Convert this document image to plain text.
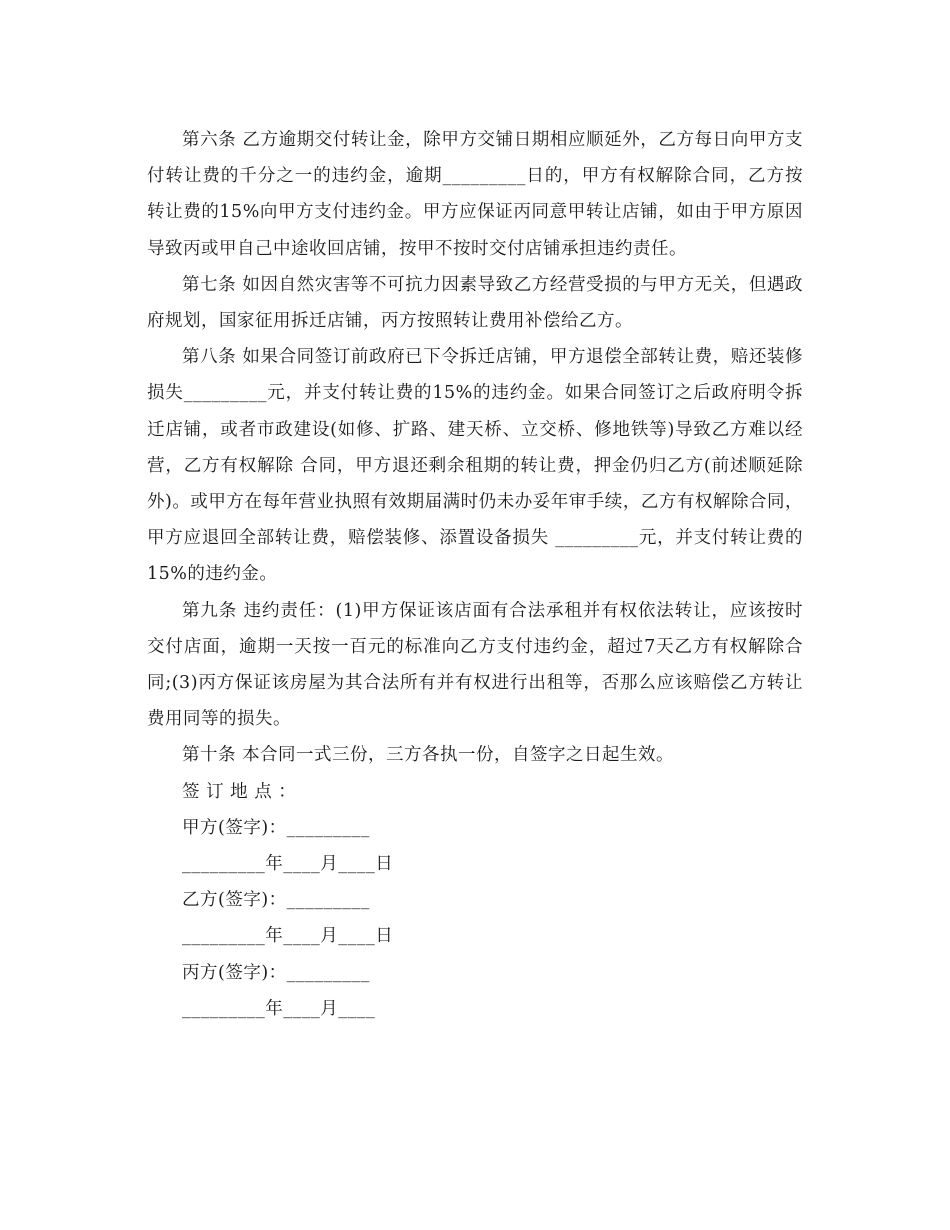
第六条 乙方逾期交付转让金，除甲方交铺日期相应顺延外，乙方每日向甲方支付转让费的千分之一的违约金，逾期_________日的，甲方有权解除合同，乙方按转让费的15%向甲方支付违约金。甲方应保证丙同意甲转让店铺，如由于甲方原因导致丙或甲自己中途收回店铺，按甲不按时交付店铺承担违约责任。

第七条 如因自然灾害等不可抗力因素导致乙方经营受损的与甲方无关，但遇政府规划，国家征用拆迁店铺，丙方按照转让费用补偿给乙方。

第八条 如果合同签订前政府已下令拆迁店铺，甲方退偿全部转让费，赔还装修损失_________元，并支付转让费的15%的违约金。如果合同签订之后政府明令拆迁店铺，或者市政建设(如修、扩路、建天桥、立交桥、修地铁等)导致乙方难以经营，乙方有权解除 合同，甲方退还剩余租期的转让费，押金仍归乙方(前述顺延除外)。或甲方在每年营业执照有效期届满时仍未办妥年审手续，乙方有权解除合同，甲方应退回全部转让费，赔偿装修、添置设备损失 _________元，并支付转让费的15%的违约金。

第九条 违约责任：(1)甲方保证该店面有合法承租并有权依法转让，应该按时交付店面，逾期一天按一百元的标准向乙方支付违约金，超过7天乙方有权解除合同;(3)丙方保证该房屋为其合法所有并有权进行出租等，否那么应该赔偿乙方转让费用同等的损失。

第十条 本合同一式三份，三方各执一份，自签字之日起生效。

签 订 地 点 ：

甲方(签字)：_________

_________年____月____日

乙方(签字)：_________

_________年____月____日

丙方(签字)：_________

_________年____月____
